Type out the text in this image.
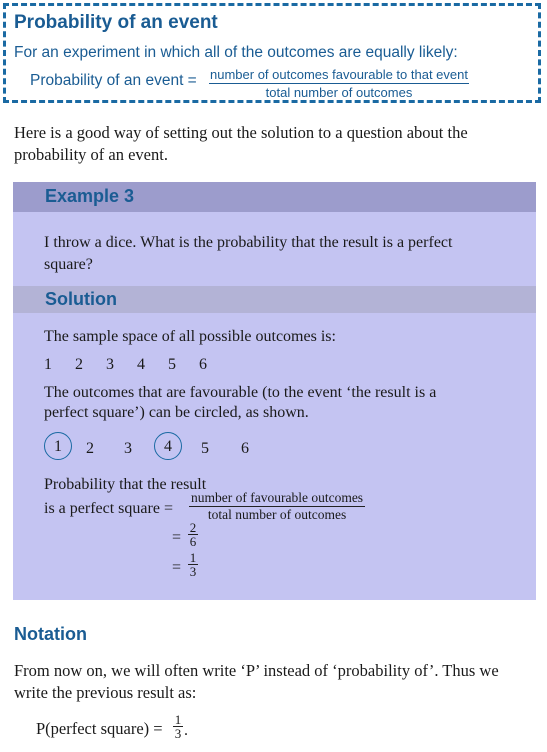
Probability of an event
For an experiment in which all of the outcomes are equally likely:
Probability of an event = number of outcomes favourable to that event
total number of outcomes
Here is a good way of setting out the solution to a question about the
probability of an event.
Example 3
I throw a dice. What is the probability that the result is a perfect
square?
Solution
The sample space of all possible outcomes is:
1 2 3 4 5 6
The outcomes that are favourable (to the event ‘the result is a
perfect square’) can be circled, as shown.
1 2 3 4 5 6
Probability that the result
is a perfect square =
number of favourable outcomes
total number of outcomes
= $\frac{2}{6}$
= $\frac{1}{3}$
Notation
From now on, we will often write ‘P’ instead of ‘probability of’. Thus we
write the previous result as:
P(perfect square) = $\frac{1}{3}$ .
